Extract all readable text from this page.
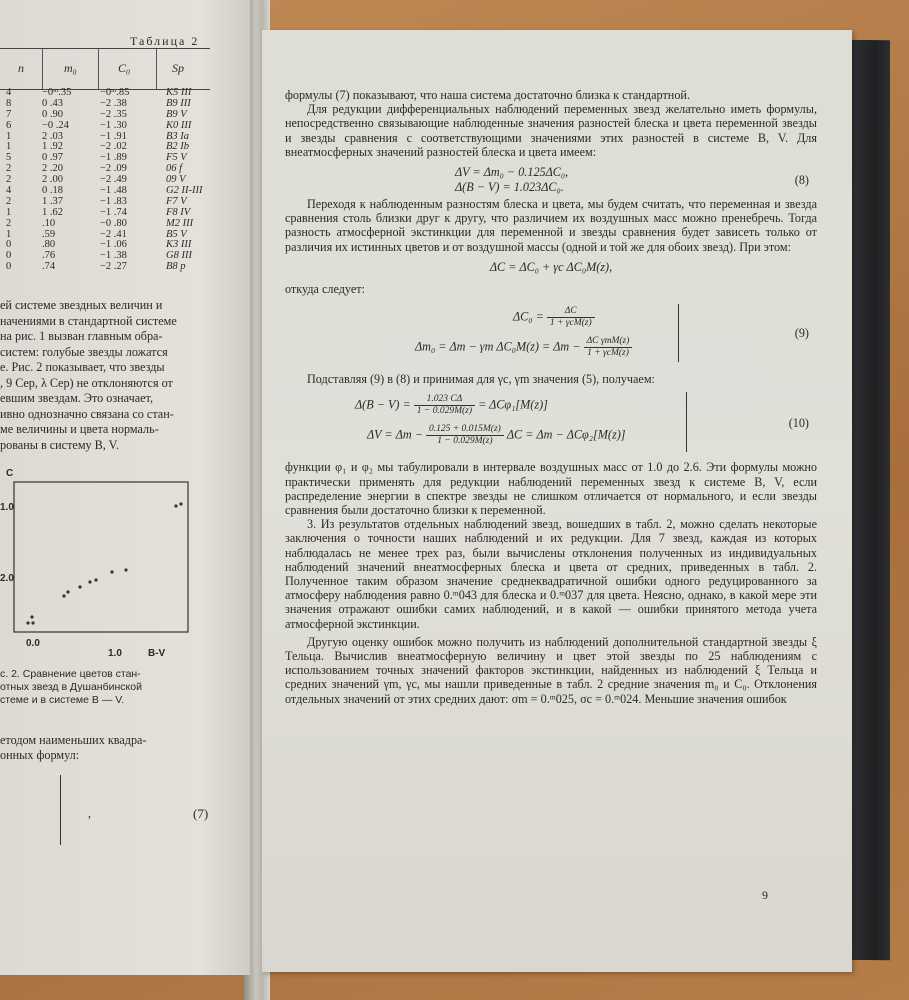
Таблица 2
n	m₀	C₀	Sp
4	−0ᵐ.35	−0ᵐ.85	K5 III
8	0 .43	−2 .38	B9 III
7	0 .90	−2 .35	B9 V
6	−0 .24	−1 .30	K0 III
1	2 .03	−1 .91	B3 Ia
1	1 .92	−2 .02	B2 Ib
5	0 .97	−1 .89	F5 V
2	2 .20	−2 .09	06 f
2	2 .00	−2 .49	09 V
4	0 .18	−1 .48	G2 II-III
2	1 .37	−1 .83	F7 V
1	1 .62	−1 .74	F8 IV
2	.10	−0 .80	M2 III
1	.59	−2 .41	B5 V
0	.80	−1 .06	K3 III
0	.76	−1 .38	G8 III
0	.74	−2 .27	B8 p

ей системе звездных величин и

начениями в стандартной системе

на рис. 1 вызван главным обра-

систем: голубые звезды ложатся

е. Рис. 2 показывает, что звезды

, 9 Cep, λ Cep) не отклоняются от

евшим звездам. Это означает,

ивно однозначно связана со стан-

ме величины и цвета нормаль-

рованы в систему B, V.

C
1.0
2.0
0.0
1.0	B-V

с. 2. Сравнение цветов стан-

отных звезд в Душанбинской

стеме и в системе B — V.

етодом наименьших квадра-

онных формул:

,	(7)

формулы (7) показывают, что наша система достаточно близка к стандартной.

Для редукции дифференциальных наблюдений переменных звезд желательно иметь формулы, непосредственно связывающие наблюденные значения разностей блеска и цвета переменной звезды и звезды сравнения с соответствующими значениями этих разностей в системе B, V. Для внеатмосферных значений разностей блеска и цвета имеем:

ΔV = Δm₀ − 0.125ΔC₀,
Δ(B − V) = 1.023ΔC₀.	(8)

Переходя к наблюденным разностям блеска и цвета, мы будем считать, что переменная и звезда сравнения столь близки друг к другу, что различием их воздушных масс можно пренебречь. Тогда разность атмосферной экстинкции для переменной и звезды сравнения будет зависеть только от различия их истинных цветов и от воздушной массы (одной и той же для обоих звезд). При этом:

ΔC = ΔC₀ + γc ΔC₀M(z),

откуда следует:

$\Delta C_0 = \frac{\Delta C}{\text{1 + γcM(z)}}$
Δm₀ = Δm − γm $\Delta C_0M(z) = \Delta m - \frac{\text{ΔC γmM(z)}}{\text{1 + γcM(z)}}$
(9)

Подставляя (9) в (8) и принимая для γc, γm значения (5), получаем:

$\Delta(B - V) = \frac{1.023 C\Delta}{1 - 0.029M(z)} = \Delta C\varphi_1[M(z)]$
$\Delta V = \Delta m - \frac{0.125 + 0.015M(z)}{1 - 0.029M(z)}$ ΔC = Δm − ΔCφ₂[M(z)]
(10)

функции φ₁ и φ₂ мы табулировали в интервале воздушных масс от 1.0 до 2.6. Эти формулы можно практически применять для редукции наблюдений переменных звезд к системе B, V, если распределение энергии в спектре звезды не слишком отличается от нормального, и если звезды сравнения были достаточно близки к переменной.

3. Из результатов отдельных наблюдений звезд, вошедших в табл. 2, можно сделать некоторые заключения о точности наших наблюдений и их редукции. Для 7 звезд, каждая из которых наблюдалась не менее трех раз, были вычислены отклонения полученных из индивидуальных наблюдений значений внеатмосферных блеска и цвета от средних, приведенных в табл. 2. Полученное таким образом значение среднеквадратичной ошибки одного редуцированного за атмосферу наблюдения равно 0.ᵐ043 для блеска и 0.ᵐ037 для цвета. Неясно, однако, в какой мере эти значения отражают ошибки самих наблюдений, и в какой — ошибки принятого метода учета атмосферной экстинкции.

Другую оценку ошибок можно получить из наблюдений дополнительной стандартной звезды ξ Тельца. Вычислив внеатмосферную величину и цвет этой звезды по 25 наблюдениям с использованием точных значений факторов экстинкции, найденных из наблюдений ξ Тельца и средних значений γm, γc, мы нашли приведенные в табл. 2 средние значения m₀ и C₀. Отклонения отдельных значений от этих средних дают: σm = 0.ᵐ025, σc = 0.ᵐ024. Меньшие значения ошибок

9
